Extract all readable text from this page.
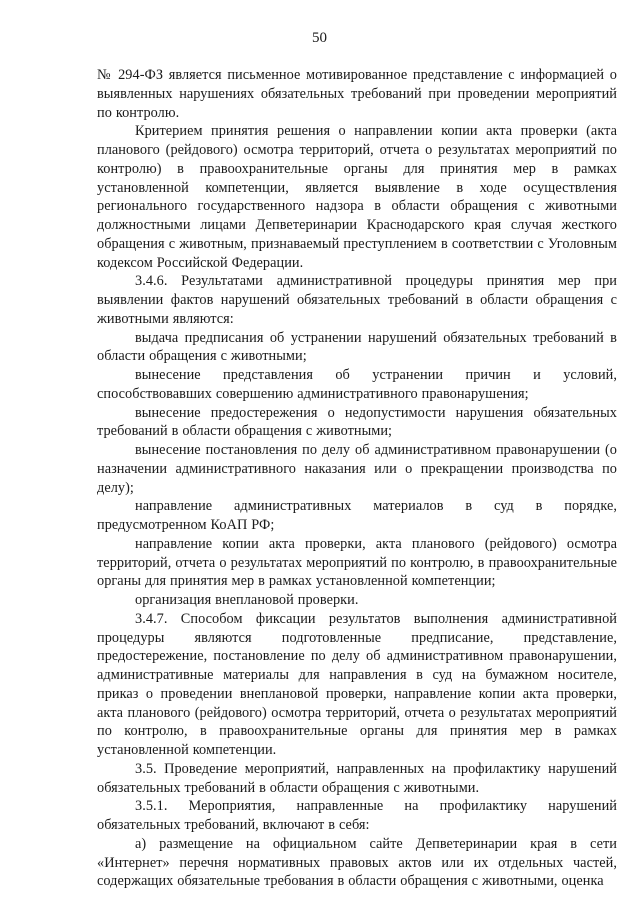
50

№ 294-ФЗ является письменное мотивированное представление с информацией о выявленных нарушениях обязательных требований при проведении мероприятий по контролю.

Критерием принятия решения о направлении копии акта проверки (акта планового (рейдового) осмотра территорий, отчета о результатах мероприятий по контролю) в правоохранительные органы для принятия мер в рамках установленной компетенции, является выявление в ходе осуществления регионального государственного надзора в области обращения с животными должностными лицами Депветеринарии Краснодарского края случая жесткого обращения с животным, признаваемый преступлением в соответствии с Уголовным кодексом Российской Федерации.

3.4.6. Результатами административной процедуры принятия мер при выявлении фактов нарушений обязательных требований в области обращения с животными являются:

выдача предписания об устранении нарушений обязательных требований в области обращения с животными;

вынесение представления об устранении причин и условий, способствовавших совершению административного правонарушения;

вынесение предостережения о недопустимости нарушения обязательных требований в области обращения с животными;

вынесение постановления по делу об административном правонарушении (о назначении административного наказания или о прекращении производства по делу);

направление административных материалов в суд в порядке, предусмотренном КоАП РФ;

направление копии акта проверки, акта планового (рейдового) осмотра территорий, отчета о результатах мероприятий по контролю, в правоохранительные органы для принятия мер в рамках установленной компетенции;

организация внеплановой проверки.

3.4.7. Способом фиксации результатов выполнения административной процедуры являются подготовленные предписание, представление, предостережение, постановление по делу об административном правонарушении, административные материалы для направления в суд на бумажном носителе, приказ о проведении внеплановой проверки, направление копии акта проверки, акта планового (рейдового) осмотра территорий, отчета о результатах мероприятий по контролю, в правоохранительные органы для принятия мер в рамках установленной компетенции.

3.5. Проведение мероприятий, направленных на профилактику нарушений обязательных требований в области обращения с животными.

3.5.1. Мероприятия, направленные на профилактику нарушений обязательных требований, включают в себя:

а) размещение на официальном сайте Депветеринарии края в сети «Интернет» перечня нормативных правовых актов или их отдельных частей, содержащих обязательные требования в области обращения с животными, оценка
